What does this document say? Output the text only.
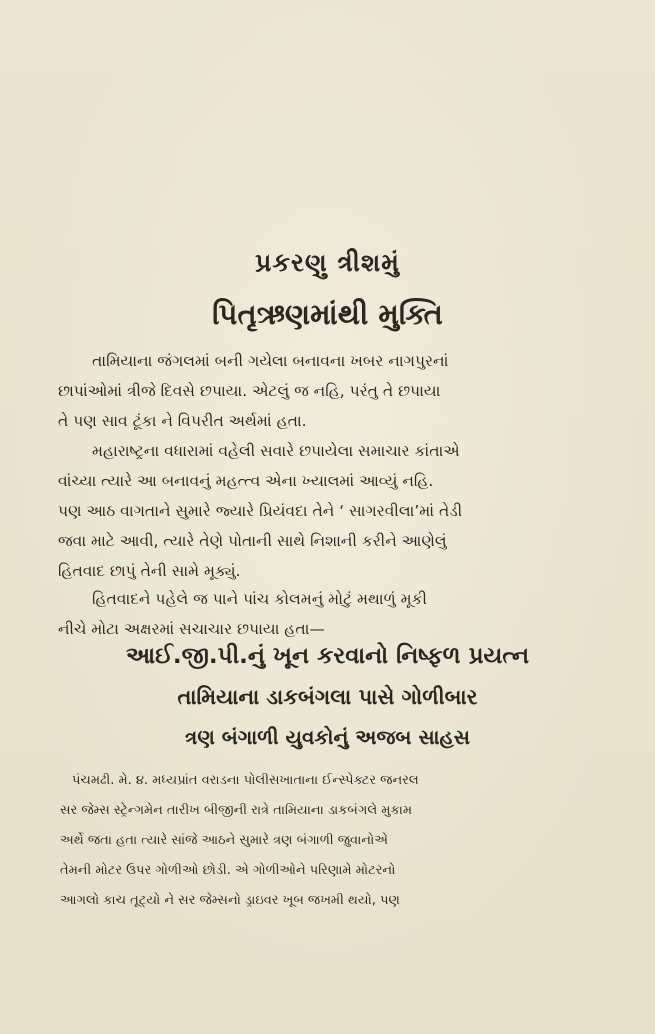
પ્રકરણુ ત્રીશમું
પિતૃઋણમાંથી મુક્તિ
તામિયાના જંગલમાં બની ગયેલા બનાવના ખબર નાગપુરનાં
છાપાંઓમાં ત્રીજે દિવસે છપાયા. એટલું જ નહિ, પરંતુ તે છપાયા
તે પણ સાવ ટૂંકા ને વિપરીત અર્થમાં હતા.
મહારાષ્ટ્રના વધારામાં વહેલી સવારે છપાયેલા સમાચાર કાંતાએ
વાંચ્યા ત્યારે આ બનાવનું મહત્ત્વ એના ખ્યાલમાં આવ્યું નહિ.
પણ આઠ વાગતાને સુમારે જ્યારે પ્રિયંવદા તેને ‘ સાગરવીલા’માં તેડી
જવા માટે આવી, ત્યારે તેણે પોતાની સાથે નિશાની કરીને આણેલું
હિતવાદ છાપું તેની સામે મૂક્યું.
હિતવાદને પહેલે જ પાને પાંચ કોલમનું મોટું મથાળું મૂકી
નીચે મોટા અક્ષરમાં સચાચાર છપાયા હતા—
આઈ.જી.પી.નું ખૂન કરવાનો નિષ્ફળ પ્રયત્ન
તામિયાના ડાકબંગલા પાસે ગોળીબાર
ત્રણ બંગાળી યુવકોનું અજબ સાહસ
પંચમઢી. મે. ૪. મધ્યપ્રાંત વરાડના પોલીસખાતાના ઈન્સ્પેક્ટર જનરલ
સર જેમ્સ સ્ટ્રેન્ગમેન તારીખ બીજીની રાત્રે તામિયાના ડાકબંગલે મુકામ
અર્થે જતા હતા ત્યારે સાંજે આઠને સુમારે ત્રણ બંગાળી જુવાનોએ
તેમની મોટર ઉપર ગોળીઓ છોડી. એ ગોળીઓને પરિણામે મોટરનો
આગલો કાચ તૂટ્યો ને સર જેમ્સનો ડ્રાઇવર ખૂબ જખમી થયો, પણ
